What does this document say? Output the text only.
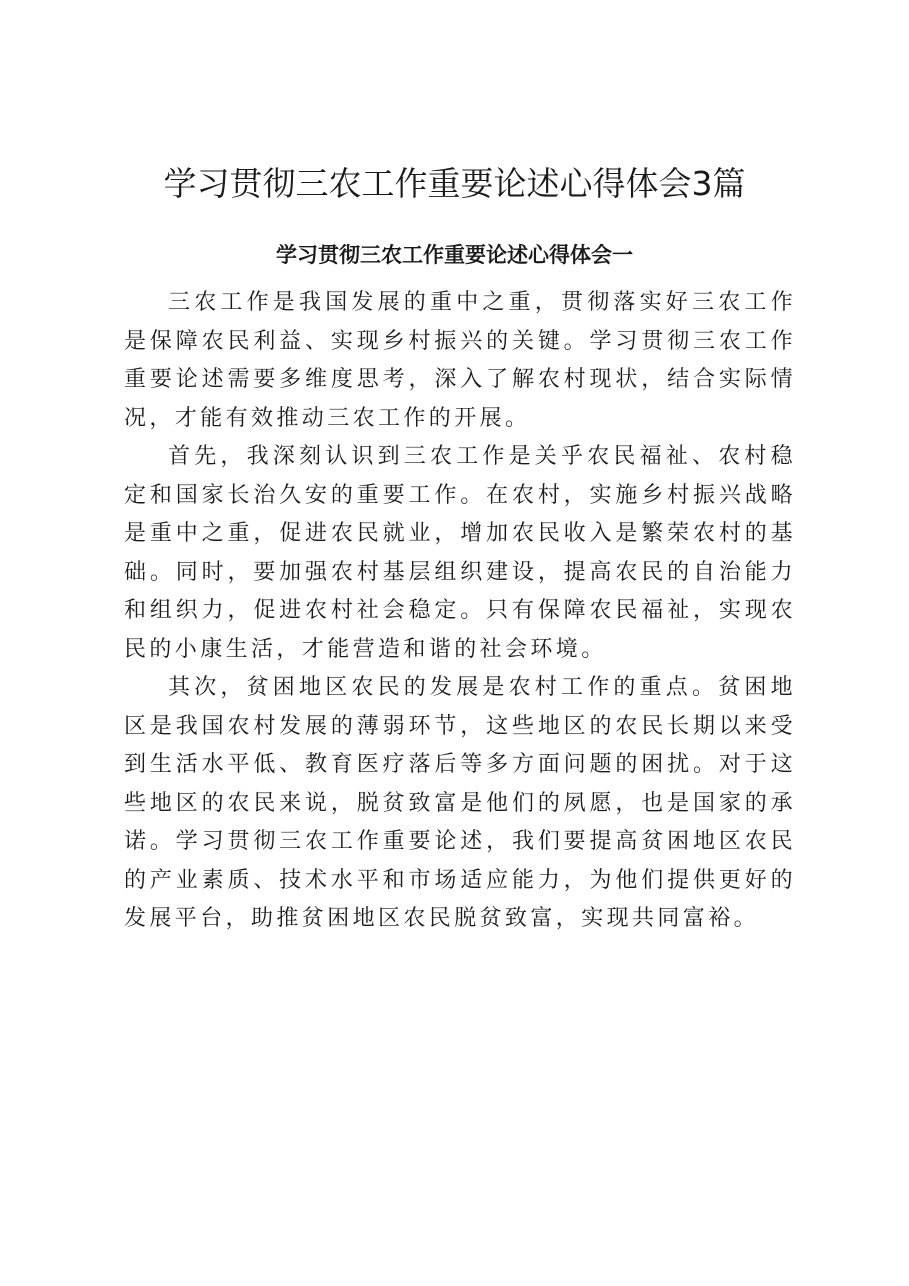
学习贯彻三农工作重要论述心得体会3篇
学习贯彻三农工作重要论述心得体会一

三农工作是我国发展的重中之重，贯彻落实好三农工作是保障农民利益、实现乡村振兴的关键。学习贯彻三农工作重要论述需要多维度思考，深入了解农村现状，结合实际情况，才能有效推动三农工作的开展。

首先，我深刻认识到三农工作是关乎农民福祉、农村稳定和国家长治久安的重要工作。在农村，实施乡村振兴战略是重中之重，促进农民就业，增加农民收入是繁荣农村的基础。同时，要加强农村基层组织建设，提高农民的自治能力和组织力，促进农村社会稳定。只有保障农民福祉，实现农民的小康生活，才能营造和谐的社会环境。

其次，贫困地区农民的发展是农村工作的重点。贫困地区是我国农村发展的薄弱环节，这些地区的农民长期以来受到生活水平低、教育医疗落后等多方面问题的困扰。对于这些地区的农民来说，脱贫致富是他们的夙愿，也是国家的承诺。学习贯彻三农工作重要论述，我们要提高贫困地区农民的产业素质、技术水平和市场适应能力，为他们提供更好的发展平台，助推贫困地区农民脱贫致富，实现共同富裕。
